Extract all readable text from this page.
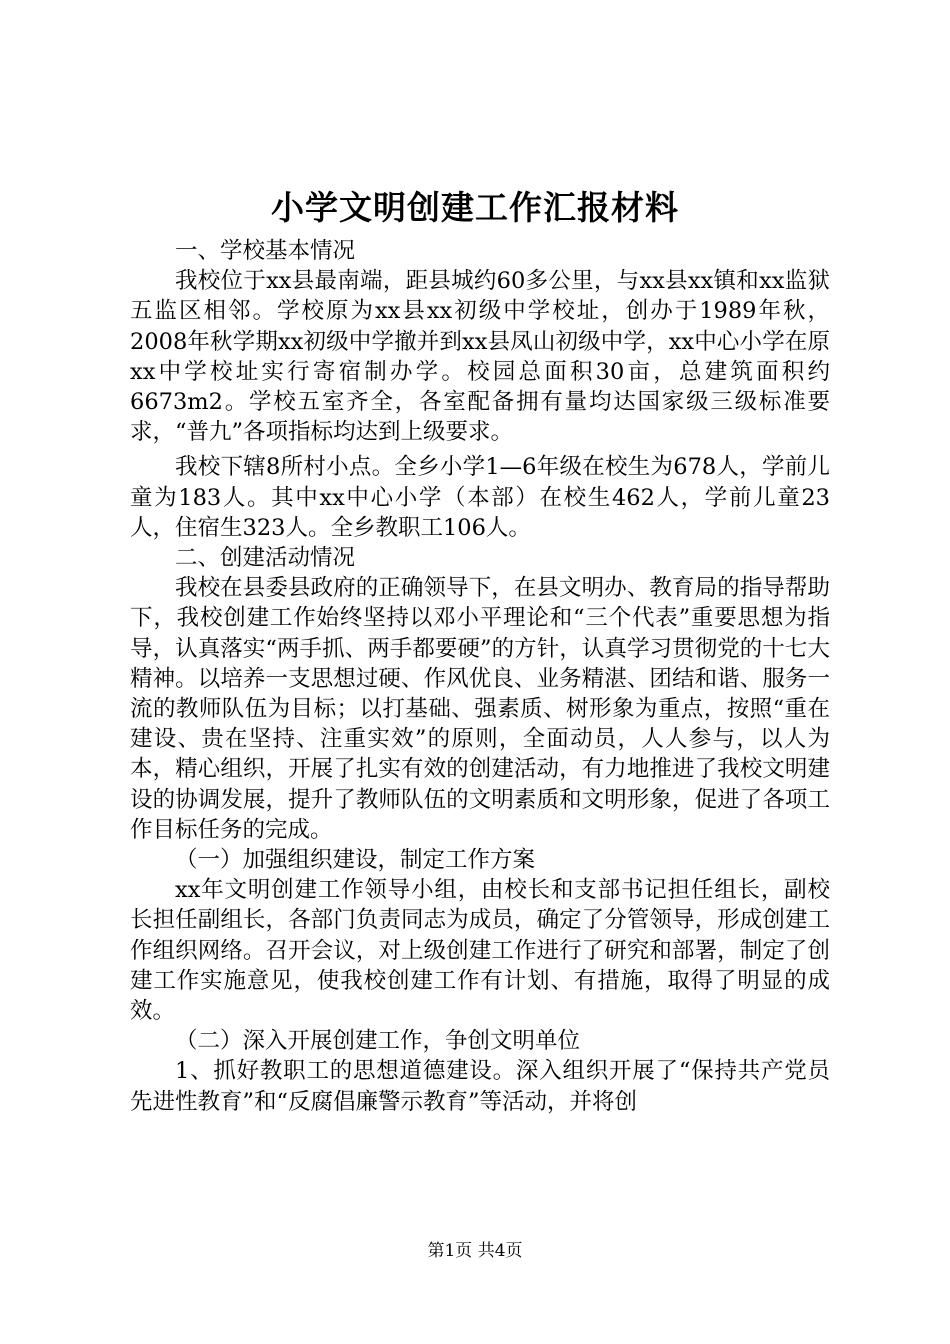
小学文明创建工作汇报材料

一、学校基本情况

我校位于xx县最南端，距县城约60多公里，与xx县xx镇和xx监狱五监区相邻。学校原为xx县xx初级中学校址，创办于1989年秋，2008年秋学期xx初级中学撤并到xx县凤山初级中学，xx中心小学在原xx中学校址实行寄宿制办学。校园总面积30亩，总建筑面积约6673m2。学校五室齐全，各室配备拥有量均达国家级三级标准要求，“普九”各项指标均达到上级要求。

我校下辖8所村小点。全乡小学1—6年级在校生为678人，学前儿童为183人。其中xx中心小学（本部）在校生462人，学前儿童23人，住宿生323人。全乡教职工106人。

二、创建活动情况

我校在县委县政府的正确领导下，在县文明办、教育局的指导帮助下，我校创建工作始终坚持以邓小平理论和“三个代表”重要思想为指导，认真落实“两手抓、两手都要硬”的方针，认真学习贯彻党的十七大精神。以培养一支思想过硬、作风优良、业务精湛、团结和谐、服务一流的教师队伍为目标；以打基础、强素质、树形象为重点，按照“重在建设、贵在坚持、注重实效”的原则，全面动员，人人参与，以人为本，精心组织，开展了扎实有效的创建活动，有力地推进了我校文明建设的协调发展，提升了教师队伍的文明素质和文明形象，促进了各项工作目标任务的完成。

（一）加强组织建设，制定工作方案

xx年文明创建工作领导小组，由校长和支部书记担任组长，副校长担任副组长，各部门负责同志为成员，确定了分管领导，形成创建工作组织网络。召开会议，对上级创建工作进行了研究和部署，制定了创建工作实施意见，使我校创建工作有计划、有措施，取得了明显的成效。

（二）深入开展创建工作，争创文明单位

1、抓好教职工的思想道德建设。深入组织开展了“保持共产党员先进性教育”和“反腐倡廉警示教育”等活动，并将创

第1页 共4页
